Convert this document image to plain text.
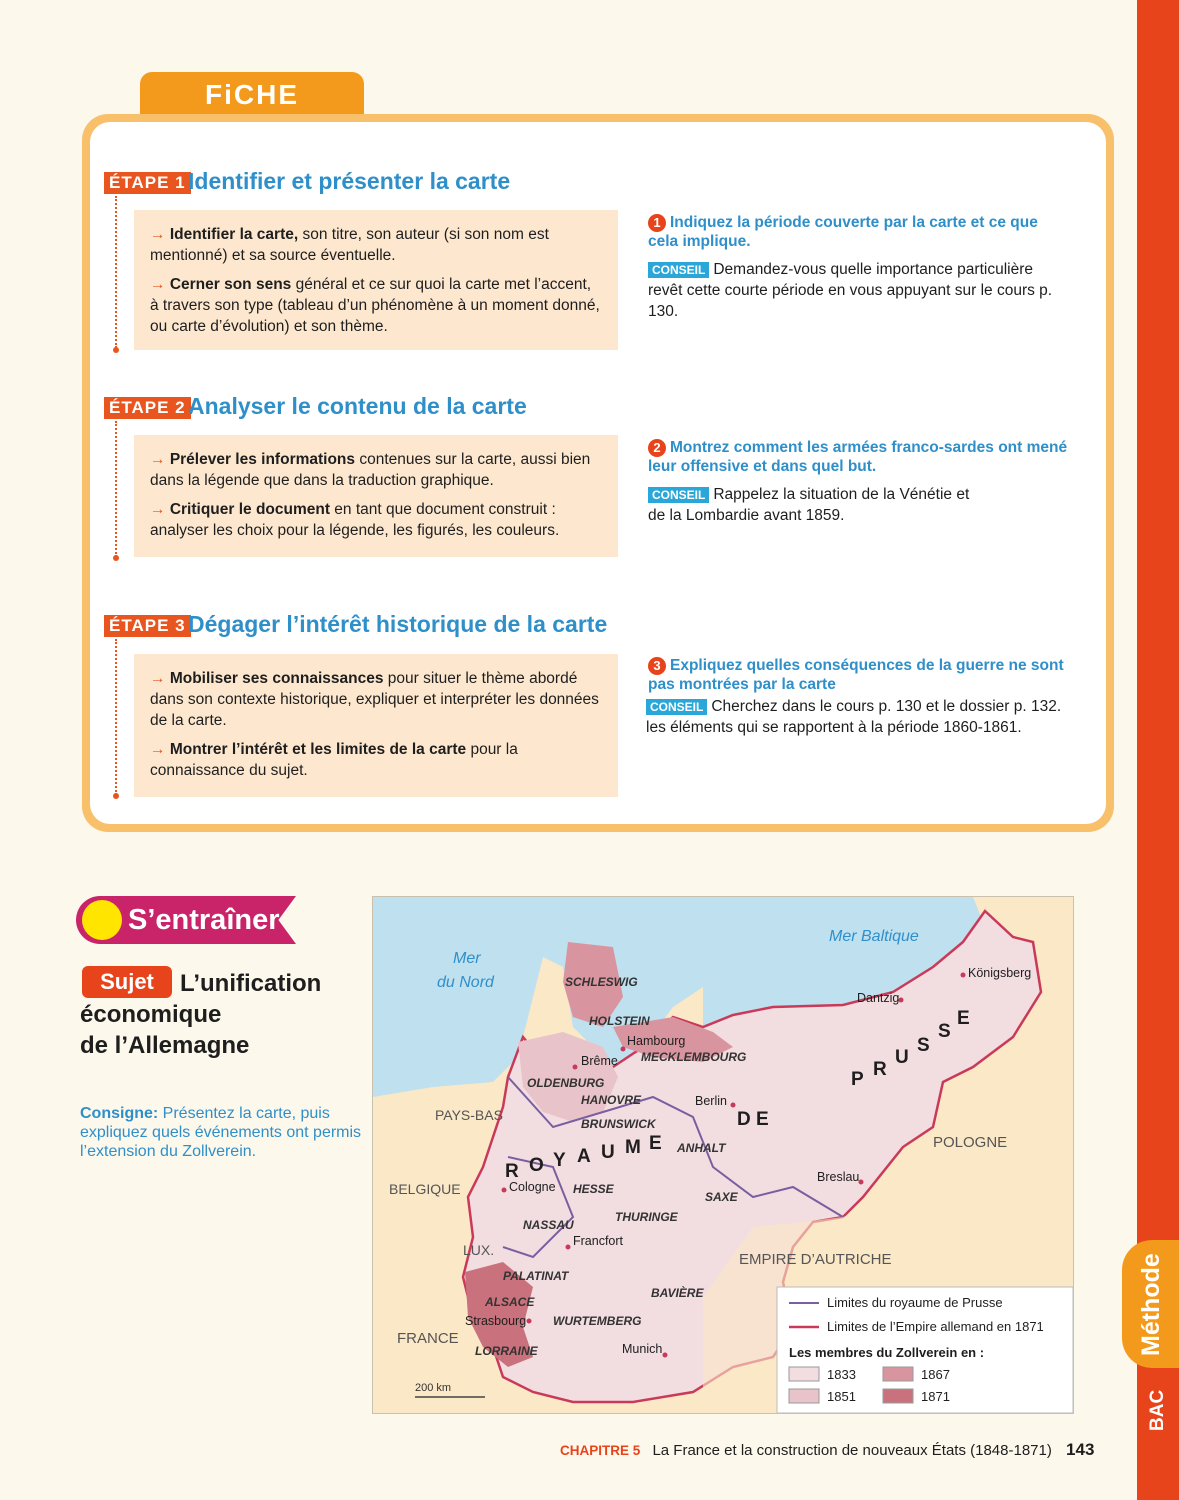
Méthode
BAC
FiCHE
ÉTAPE 1 Identifier et présenter la carte

→ Identifier la carte, son titre, son auteur (si son nom est mentionné) et sa source éventuelle.

→ Cerner son sens général et ce sur quoi la carte met l’accent, à travers son type (tableau d’un phénomène à un moment donné, ou carte d’évolution) et son thème.

1 Indiquez la période couverte par la carte et ce que cela implique.
CONSEIL Demandez-vous quelle importance particulière revêt cette courte période en vous appuyant sur le cours p. 130.
ÉTAPE 2 Analyser le contenu de la carte

→ Prélever les informations contenues sur la carte, aussi bien dans la légende que dans la traduction graphique.

→ Critiquer le document en tant que document construit : analyser les choix pour la légende, les figurés, les couleurs.

2 Montrez comment les armées franco-sardes ont mené leur offensive et dans quel but.
CONSEIL Rappelez la situation de la Vénétie et de la Lombardie avant 1859.
ÉTAPE 3 Dégager l’intérêt historique de la carte

→ Mobiliser ses connaissances pour situer le thème abordé dans son contexte historique, expliquer et interpréter les données de la carte.

→ Montrer l’intérêt et les limites de la carte pour la connaissance du sujet.

3 Expliquez quelles conséquences de la guerre ne sont pas montrées par la carte
CONSEIL Cherchez dans le cours p. 130 et le dossier p. 132. les éléments qui se rapportent à la période 1860-1861.
S’entraîner
Sujet	L’unification
économique
de l’Allemagne
Consigne: Présentez la carte, puis expliquez quels événements ont permis l’extension du Zollverein.
PAYS-BAS
BELGIQUE
LUX.
FRANCE
POLOGNE
EMPIRE D’AUTRICHE
Mer
du Nord
Mer Baltique
SCHLESWIG
HOLSTEIN
MECKLEMBOURG
OLDENBURG
HANOVRE
BRUNSWICK
ANHALT
HESSE
SAXE
THURINGE
NASSAU
PALATINAT
ALSACE
LORRAINE
WURTEMBERG
BAVIÈRE
R O Y A U M E
D E
P R
U
S
S
E
Königsberg
Dantzig
Hambourg
Brême
Berlin
Breslau
Cologne
Francfort
Strasbourg
Munich
200 km
Limites du royaume de Prusse
Limites de l’Empire allemand en 1871
Les membres du Zollverein en :
1833
1851
1867
1871
CHAPITRE 5 La France et la construction de nouveaux États (1848-1871) 143
